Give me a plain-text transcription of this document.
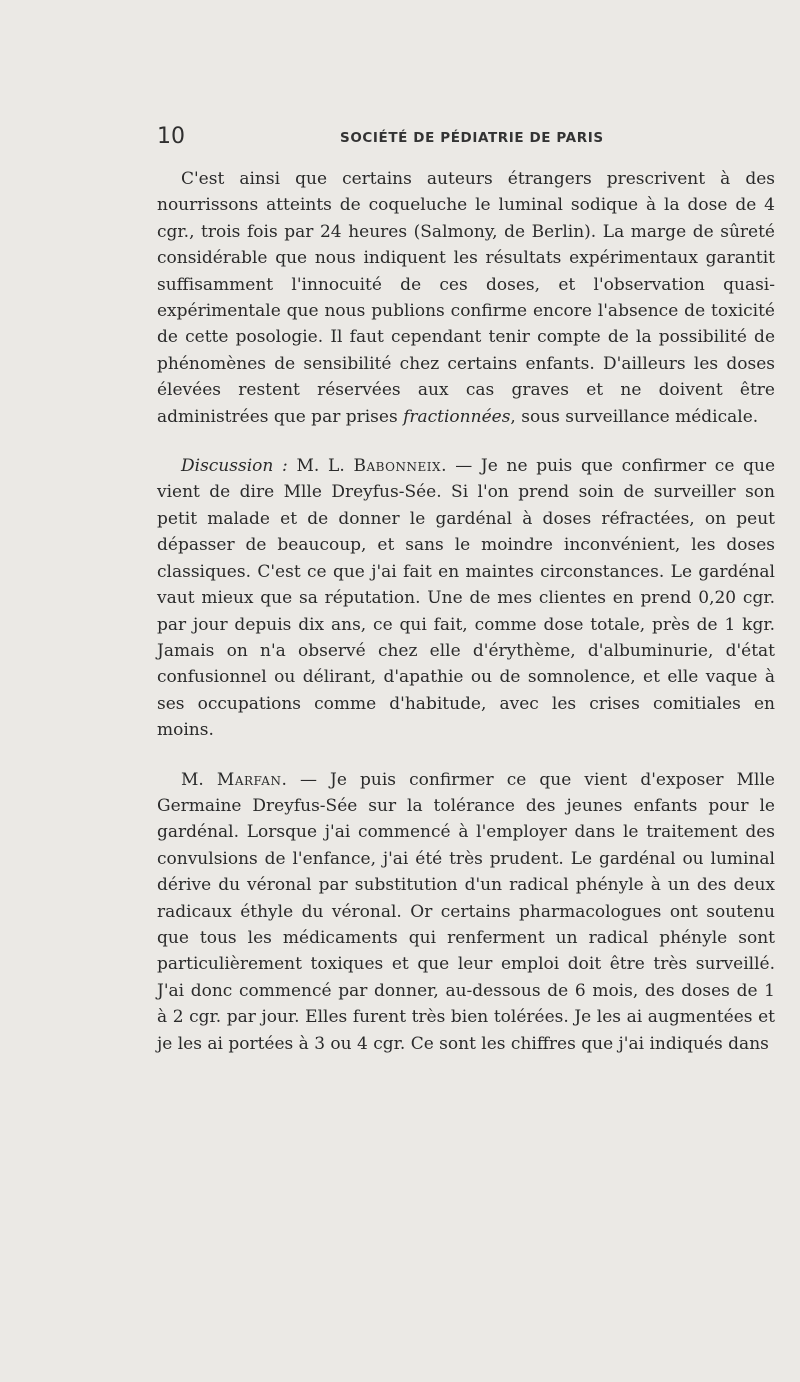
10	SOCIÉTÉ DE PÉDIATRIE DE PARIS

C'est ainsi que certains auteurs étrangers prescrivent à des nourrissons atteints de coqueluche le luminal sodique à la dose de 4 cgr., trois fois par 24 heures (Salmony, de Berlin). La marge de sûreté considérable que nous indiquent les résultats expérimentaux garantit suffisamment l'innocuité de ces doses, et l'observation quasi-expérimentale que nous publions confirme encore l'absence de toxicité de cette posologie. Il faut cependant tenir compte de la possibilité de phénomènes de sensibilité chez certains enfants. D'ailleurs les doses élevées restent réservées aux cas graves et ne doivent être administrées que par prises fractionnées, sous surveillance médicale.

Discussion : M. L. Babonneix. — Je ne puis que confirmer ce que vient de dire Mlle Dreyfus-Sée. Si l'on prend soin de surveiller son petit malade et de donner le gardénal à doses réfractées, on peut dépasser de beaucoup, et sans le moindre inconvénient, les doses classiques. C'est ce que j'ai fait en maintes circonstances. Le gardénal vaut mieux que sa réputation. Une de mes clientes en prend 0,20 cgr. par jour depuis dix ans, ce qui fait, comme dose totale, près de 1 kgr. Jamais on n'a observé chez elle d'érythème, d'albuminurie, d'état confusionnel ou délirant, d'apathie ou de somnolence, et elle vaque à ses occupations comme d'habitude, avec les crises comitiales en moins.

M. Marfan. — Je puis confirmer ce que vient d'exposer Mlle Germaine Dreyfus-Sée sur la tolérance des jeunes enfants pour le gardénal. Lorsque j'ai commencé à l'employer dans le traitement des convulsions de l'enfance, j'ai été très prudent. Le gardénal ou luminal dérive du véronal par substitution d'un radical phényle à un des deux radicaux éthyle du véronal. Or certains pharmacologues ont soutenu que tous les médicaments qui renferment un radical phényle sont particulièrement toxiques et que leur emploi doit être très surveillé. J'ai donc commencé par donner, au-dessous de 6 mois, des doses de 1 à 2 cgr. par jour. Elles furent très bien tolérées. Je les ai augmentées et je les ai portées à 3 ou 4 cgr. Ce sont les chiffres que j'ai indiqués dans
